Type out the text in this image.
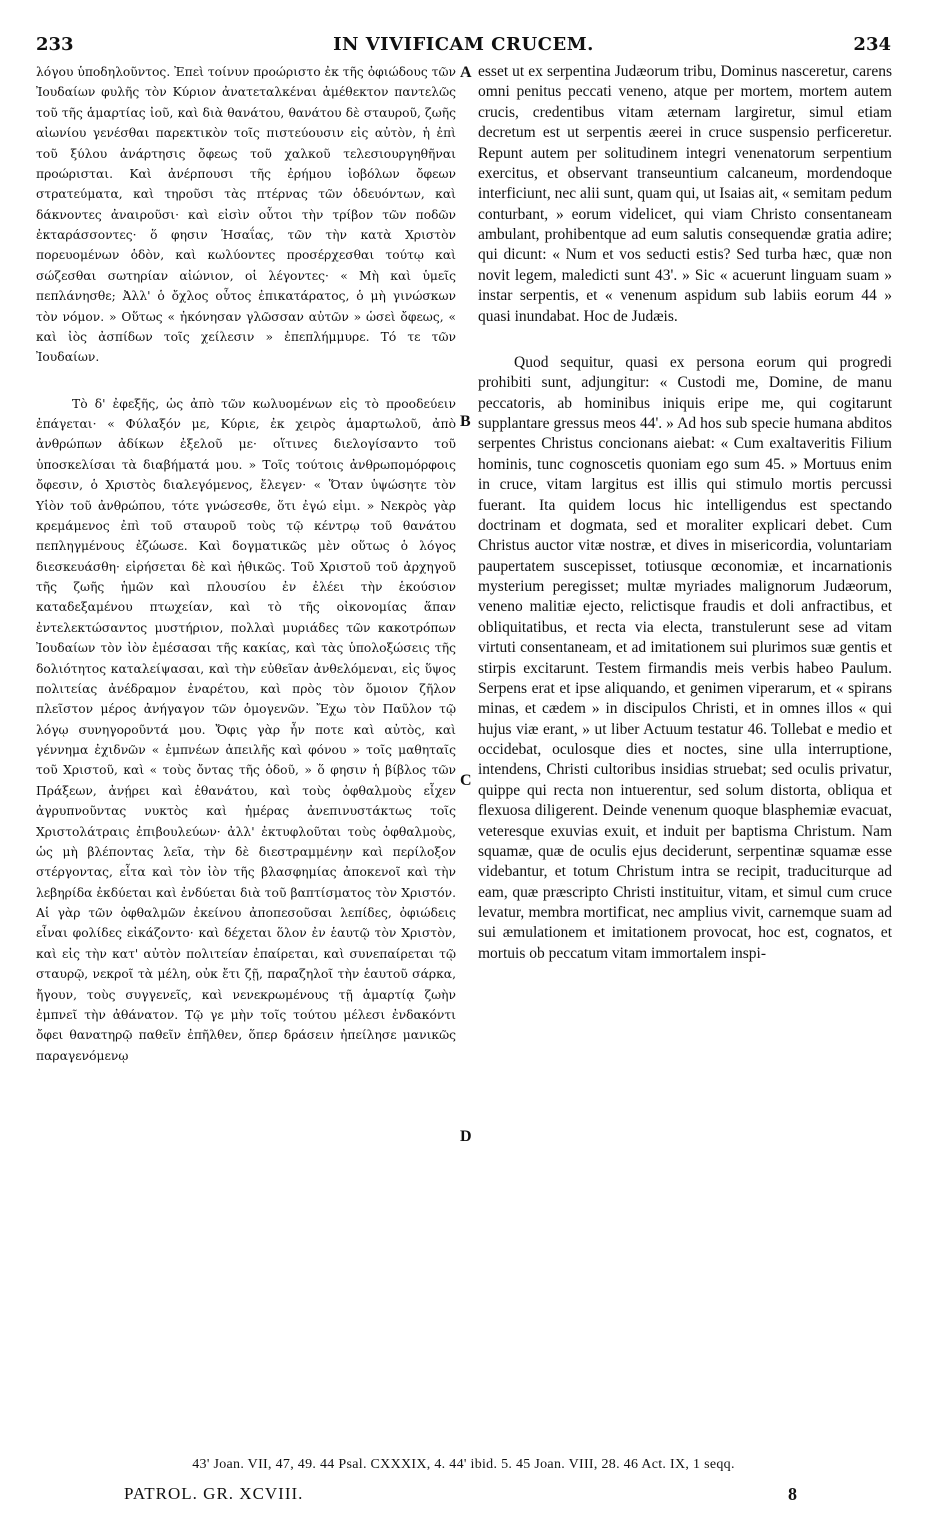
233	IN VIVIFICAM CRUCEM.	234

λόγου ὑποδηλοῦντος. Ἐπεὶ τοίνυν προώριστο ἐκ τῆς ὀφιώδους τῶν Ἰουδαίων φυλῆς τὸν Κύριον ἀνατεταλκέναι ἀμέθεκτον παντελῶς τοῦ τῆς ἁμαρτίας ἰοῦ, καὶ διὰ θανάτου, θανάτου δὲ σταυροῦ, ζωῆς αἰωνίου γενέσθαι παρεκτικὸν τοῖς πιστεύουσιν εἰς αὐτὸν, ἡ ἐπὶ τοῦ ξύλου ἀνάρτησις ὄφεως τοῦ χαλκοῦ τελεσιουργηθῆναι προώρισται. Καὶ ἀνέρπουσι τῆς ἐρήμου ἰοβόλων ὄφεων στρατεύματα, καὶ τηροῦσι τὰς πτέρνας τῶν ὁδευόντων, καὶ δάκνοντες ἀναιροῦσι· καὶ εἰσὶν οὗτοι τὴν τρίβον τῶν ποδῶν ἐκταράσσοντες· ὅ φησιν Ἡσαΐας, τῶν τὴν κατὰ Χριστὸν πορευομένων ὁδὸν, καὶ κωλύοντες προσέρχεσθαι τούτῳ καὶ σώζεσθαι σωτηρίαν αἰώνιον, οἱ λέγοντες· « Μὴ καὶ ὑμεῖς πεπλάνησθε; Ἀλλ' ὁ ὄχλος οὗτος ἐπικατάρατος, ὁ μὴ γινώσκων τὸν νόμον. » Οὕτως « ἠκόνησαν γλῶσσαν αὐτῶν » ὡσεὶ ὄφεως, « καὶ ἰὸς ἀσπίδων τοῖς χείλεσιν » ἐπεπλήμμυρε. Τό τε τῶν Ἰουδαίων.

Τὸ δ' ἐφεξῆς, ὡς ἀπὸ τῶν κωλυομένων εἰς τὸ προοδεύειν ἐπάγεται· « Φύλαξόν με, Κύριε, ἐκ χειρὸς ἁμαρτωλοῦ, ἀπὸ ἀνθρώπων ἀδίκων ἐξελοῦ με· οἵτινες διελογίσαντο τοῦ ὑποσκελίσαι τὰ διαβήματά μου. » Τοῖς τούτοις ἀνθρωπομόρφοις ὄφεσιν, ὁ Χριστὸς διαλεγόμενος, ἔλεγεν· « Ὅταν ὑψώσητε τὸν Υἱὸν τοῦ ἀνθρώπου, τότε γνώσεσθε, ὅτι ἐγώ εἰμι. » Νεκρὸς γὰρ κρεμάμενος ἐπὶ τοῦ σταυροῦ τοὺς τῷ κέντρῳ τοῦ θανάτου πεπληγμένους ἐζώωσε. Καὶ δογματικῶς μὲν οὕτως ὁ λόγος διεσκευάσθη· εἰρήσεται δὲ καὶ ἠθικῶς. Τοῦ Χριστοῦ τοῦ ἀρχηγοῦ τῆς ζωῆς ἡμῶν καὶ πλουσίου ἐν ἐλέει τὴν ἑκούσιον καταδεξαμένου πτωχείαν, καὶ τὸ τῆς οἰκονομίας ἅπαν ἐντελεκτώσαντος μυστήριον, πολλαὶ μυριάδες τῶν κακοτρόπων Ἰουδαίων τὸν ἰὸν ἐμέσασαι τῆς κακίας, καὶ τὰς ὑπολοξώσεις τῆς δολιότητος καταλείψασαι, καὶ τὴν εὐθεῖαν ἀνθελόμεναι, εἰς ὕψος πολιτείας ἀνέδραμον ἐναρέτου, καὶ πρὸς τὸν ὅμοιον ζῆλον πλεῖστον μέρος ἀνήγαγον τῶν ὁμογενῶν. Ἔχω τὸν Παῦλον τῷ λόγῳ συνηγοροῦντά μου. Ὄφις γὰρ ἦν ποτε καὶ αὐτὸς, καὶ γέννημα ἐχιδνῶν « ἐμπνέων ἀπειλῆς καὶ φόνου » τοῖς μαθηταῖς τοῦ Χριστοῦ, καὶ « τοὺς ὄντας τῆς ὁδοῦ, » ὅ φησιν ἡ βίβλος τῶν Πράξεων, ἀνῄρει καὶ ἐθανάτου, καὶ τοὺς ὀφθαλμοὺς εἶχεν ἀγρυπνοῦντας νυκτὸς καὶ ἡμέρας ἀνεπινυστάκτως τοῖς Χριστολάτραις ἐπιβουλεύων· ἀλλ' ἐκτυφλοῦται τοὺς ὀφθαλμοὺς, ὡς μὴ βλέποντας λεῖα, τὴν δὲ διεστραμμένην καὶ περίλοξον στέργοντας, εἶτα καὶ τὸν ἰὸν τῆς βλασφημίας ἀποκενοῖ καὶ τὴν λεβηρίδα ἐκδύεται καὶ ἐνδύεται διὰ τοῦ βαπτίσματος τὸν Χριστόν. Αἱ γὰρ τῶν ὀφθαλμῶν ἐκείνου ἀποπεσοῦσαι λεπίδες, ὀφιώδεις εἶναι φολίδες εἰκάζοντο· καὶ δέχεται ὅλον ἐν ἑαυτῷ τὸν Χριστὸν, καὶ εἰς τὴν κατ' αὐτὸν πολιτείαν ἐπαίρεται, καὶ συνεπαίρεται τῷ σταυρῷ, νεκροῖ τὰ μέλη, οὐκ ἔτι ζῇ, παραζηλοῖ τὴν ἑαυτοῦ σάρκα, ἤγουν, τοὺς συγγενεῖς, καὶ νενεκρωμένους τῇ ἁμαρτίᾳ ζωὴν ἐμπνεῖ τὴν ἀθάνατον. Τῷ γε μὴν τοῖς τούτου μέλεσι ἐνδακόντι ὄφει θανατηρῷ παθεῖν ἐπῆλθεν, ὅπερ δράσειν ἠπείλησε μανικῶς παραγενόμενῳ

A
B
C
D

esset ut ex serpentina Judæorum tribu, Dominus nasceretur, carens omni penitus peccati veneno, atque per mortem, mortem autem crucis, credentibus vitam æternam largiretur, simul etiam decretum est ut serpentis æerei in cruce suspensio perficeretur. Repunt autem per solitudinem integri venenatorum serpentium exercitus, et observant transeuntium calcaneum, mordendoque interficiunt, nec alii sunt, quam qui, ut Isaias ait, « semitam pedum conturbant, » eorum videlicet, qui viam Christo consentaneam ambulant, prohibentque ad eum salutis consequendæ gratia adire; qui dicunt: « Num et vos seducti estis? Sed turba hæc, quæ non novit legem, maledicti sunt 43'. » Sic « acuerunt linguam suam » instar serpentis, et « venenum aspidum sub labiis eorum 44 » quasi inundabat. Hoc de Judæis.

Quod sequitur, quasi ex persona eorum qui progredi prohibiti sunt, adjungitur: « Custodi me, Domine, de manu peccatoris, ab hominibus iniquis eripe me, qui cogitarunt supplantare gressus meos 44'. » Ad hos sub specie humana abditos serpentes Christus concionans aiebat: « Cum exaltaveritis Filium hominis, tunc cognoscetis quoniam ego sum 45. » Mortuus enim in cruce, vitam largitus est illis qui stimulo mortis percussi fuerant. Ita quidem locus hic intelligendus est spectando doctrinam et dogmata, sed et moraliter explicari debet. Cum Christus auctor vitæ nostræ, et dives in misericordia, voluntariam paupertatem suscepisset, totiusque œconomiæ, et incarnationis mysterium peregisset; multæ myriades malignorum Judæorum, veneno malitiæ ejecto, relictisque fraudis et doli anfractibus, et obliquitatibus, et recta via electa, transtulerunt sese ad vitam virtuti consentaneam, et ad imitationem sui plurimos suæ gentis et stirpis excitarunt. Testem firmandis meis verbis habeo Paulum. Serpens erat et ipse aliquando, et genimen viperarum, et « spirans minas, et cædem » in discipulos Christi, et in omnes illos « qui hujus viæ erant, » ut liber Actuum testatur 46. Tollebat e medio et occidebat, oculosque dies et noctes, sine ulla interruptione, intendens, Christi cultoribus insidias struebat; sed oculis privatur, quippe qui recta non intuerentur, sed solum distorta, obliqua et flexuosa diligerent. Deinde venenum quoque blasphemiæ evacuat, veteresque exuvias exuit, et induit per baptisma Christum. Nam squamæ, quæ de oculis ejus deciderunt, serpentinæ squamæ esse videbantur, et totum Christum intra se recipit, traduciturque ad eam, quæ præscripto Christi instituitur, vitam, et simul cum cruce levatur, membra mortificat, nec amplius vivit, carnemque suam ad sui æmulationem et imitationem provocat, hoc est, cognatos, et mortuis ob peccatum vitam immortalem inspi-

43' Joan. VII, 47, 49. 44 Psal. CXXXIX, 4. 44' ibid. 5. 45 Joan. VIII, 28. 46 Act. IX, 1 seqq.
PATROL. GR. XCVIII.	8
